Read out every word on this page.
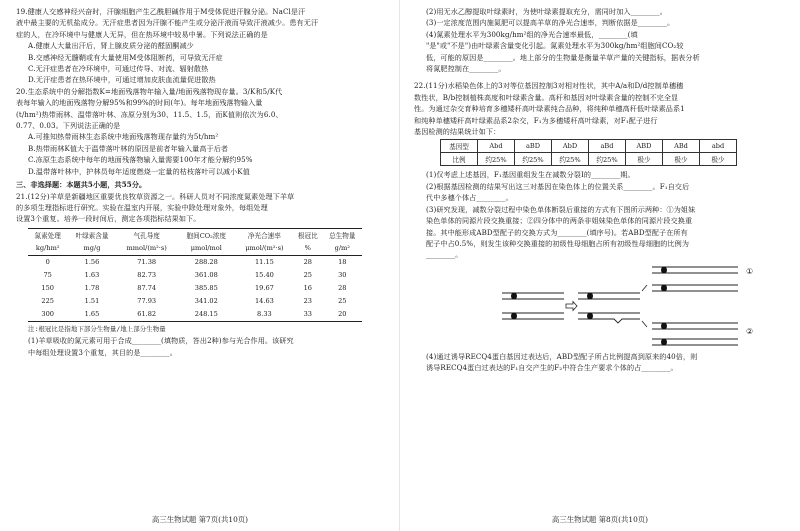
19.健康人交感神经兴奋时，汗腺细胞产生乙酰胆碱作用于M受体促进汗腺分泌。NaCl是汗

液中最主要的无机盐成分。无汗症患者因为汗腺不能产生或分泌汗液而导致汗液减少。患有无汗

症的人，在冷环境中与健康人无异，但在热环境中较易中暑。下列说法正确的是

A.健康人大量出汗后，肾上腺皮质分泌的醛固酮减少

B.交感神经无髓鞘或有大量使用M受体阻断药，可导致无汗症

C.无汗症患者在冷环境中，可通过传导、对流、辐射散热

D.无汗症患者在热环境中，可通过增加皮肤血流量促进散热

20.生态系统中的分解指数K=地面残落物年输入量/地面残落物现存量。3/K和5/K代

表每年输入的地面残落物分解95%和99%的时间(年)。每年地面残落物输入量

(t/hm²)热带雨林、温带落叶林、冻原分别为30、11.5、1.5，而K值则依次为6.0、

0.77、0.03。下列说法正确的是

A.可推知热带雨林生态系统中地面残落物现存量约为5t/hm²

B.热带雨林K值大于温带落叶林的原因是前者年输入量高于后者

C.冻原生态系统中每年的地面残落物输入量需要100年才能分解约95%

D.温带落叶林中，护林员每年适度燃烧一定量的枯枝落叶可以减小K值

三、非选择题：本题共5小题，共55分。

21.(12分)羊草是新疆地区重要优良牧草资源之一。科研人员对不同浓度氮素处理下羊草

的多项生理指标进行研究。实验在温室内开展，实验中除处理对象外，每组处理

设置3个重复。培养一段时间后，测定各项指标结果如下。

氮素处理	叶绿素含量	气孔导度	胞间CO₂浓度	净光合速率	根冠比	总生物量
kg/hm²	mg/g	mmol/(m²·s)	μmol/mol	μmol/(m²·s)	%	g/m²
0	1.56	71.38	288.28	11.15	28	18
75	1.63	82.73	361.08	15.40	25	30
150	1.78	87.74	385.85	19.67	16	28
225	1.51	77.93	341.02	14.63	23	25
300	1.65	61.82	248.15	8.33	33	20

注:根冠比是指地下部分生物量/地上部分生物量

(1)羊草吸收的氮元素可用于合成________(填物质，答出2种)参与光合作用。该研究

中每组处理设置3个重复，其目的是________。

高三生物试题 第7页(共10页)

(2)用无水乙醇提取叶绿素时，为使叶绿素提取充分，需同时加入________。

(3)一定浓度范围内施氮肥可以提高羊草的净光合速率，判断依据是________。

(4)氮素处理水平为300kg/hm²组的净光合速率最低，________(填

"是"或"不是")由叶绿素含量变化引起。氮素处理水平为300kg/hm²组胞间CO₂较

低，可能的原因是________。地上部分的生物量是衡量羊草产量的关键指标，据表分析

将氮肥控制在________。

22.(11分)水稻染色体上的3对等位基因控制3对相对性状，其中A/a和D/d控制单穗穗

数性状，B/b控制植株高度和叶绿素含量。高秆和基因对叶绿素含量的控制不完全显

性。为通过杂交育种培育多穗矮秆高叶绿素纯合品种，将纯种单穗高秆低叶绿素品系1

和纯种单穗矮秆高叶绿素品系2杂交，F₁为多穗矮秆高叶绿素，对F₁配子进行

基因检测的结果统计如下：

基因型	Abd	aBD	AbD	aBd	ABD	ABd	abd
比例	约25%	约25%	约25%	约25%	极少	极少	极少

(1)仅考虑上述基因，F₁基因重组发生在减数分裂Ⅰ的________期。

(2)根据基因检测的结果写出这三对基因在染色体上的位置关系________。F₁自交后

代中多穗个体占________。

(3)研究发现，减数分裂过程中染色单体断裂后重接的方式有下图所示两种：①为姐妹

染色单体的同源片段交换重接；②四分体中的两条非姐妹染色单体的同源片段交换重

接。其中能形成ABD型配子的交换方式为________(填序号)。若ABD型配子在所有

配子中占0.5%，则发生该种交换重接的初级性母细胞占所有初级性母细胞的比例为

________。

①
②

(4)通过诱导RECQ4蛋白基因过表达后，ABD型配子所占比例提高到原来的40倍，则

诱导RECQ4蛋白过表达的F₁自交产生的F₂中符合生产要求个体的占________。

高三生物试题 第8页(共10页)
